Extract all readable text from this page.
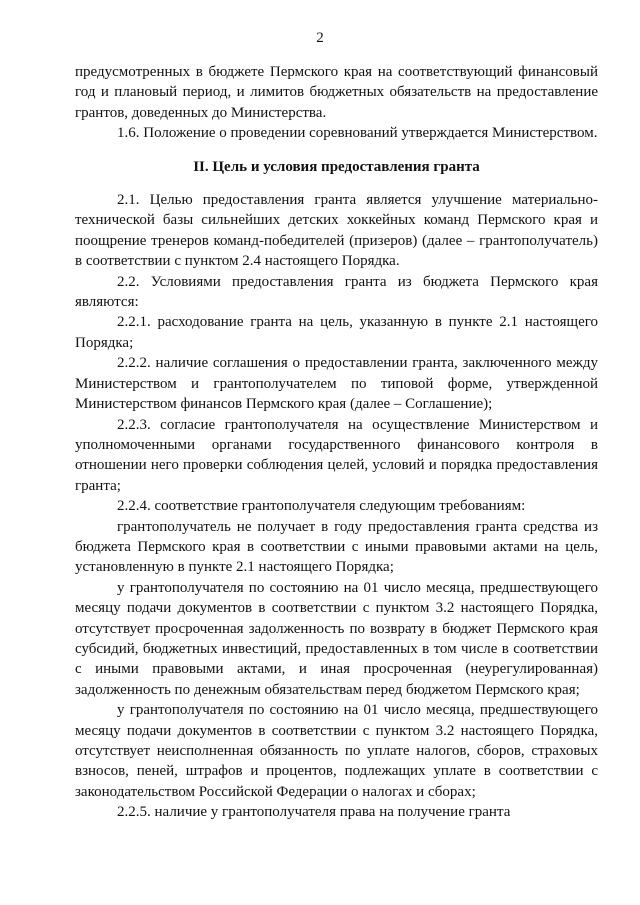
2

предусмотренных в бюджете Пермского края на соответствующий финансовый год и плановый период, и лимитов бюджетных обязательств на предоставление грантов, доведенных до Министерства.

1.6. Положение о проведении соревнований утверждается Министерством.

II. Цель и условия предоставления гранта

2.1. Целью предоставления гранта является улучшение материально-технической базы сильнейших детских хоккейных команд Пермского края и поощрение тренеров команд-победителей (призеров) (далее – грантополучатель) в соответствии с пунктом 2.4 настоящего Порядка.

2.2. Условиями предоставления гранта из бюджета Пермского края являются:

2.2.1. расходование гранта на цель, указанную в пункте 2.1 настоящего Порядка;

2.2.2. наличие соглашения о предоставлении гранта, заключенного между Министерством и грантополучателем по типовой форме, утвержденной Министерством финансов Пермского края (далее – Соглашение);

2.2.3. согласие грантополучателя на осуществление Министерством и уполномоченными органами государственного финансового контроля в отношении него проверки соблюдения целей, условий и порядка предоставления гранта;

2.2.4. соответствие грантополучателя следующим требованиям:

грантополучатель не получает в году предоставления гранта средства из бюджета Пермского края в соответствии с иными правовыми актами на цель, установленную в пункте 2.1 настоящего Порядка;

у грантополучателя по состоянию на 01 число месяца, предшествующего месяцу подачи документов в соответствии с пунктом 3.2 настоящего Порядка, отсутствует просроченная задолженность по возврату в бюджет Пермского края субсидий, бюджетных инвестиций, предоставленных в том числе в соответствии с иными правовыми актами, и иная просроченная (неурегулированная) задолженность по денежным обязательствам перед бюджетом Пермского края;

у грантополучателя по состоянию на 01 число месяца, предшествующего месяцу подачи документов в соответствии с пунктом 3.2 настоящего Порядка, отсутствует неисполненная обязанность по уплате налогов, сборов, страховых взносов, пеней, штрафов и процентов, подлежащих уплате в соответствии с законодательством Российской Федерации о налогах и сборах;

2.2.5. наличие у грантополучателя права на получение гранта
